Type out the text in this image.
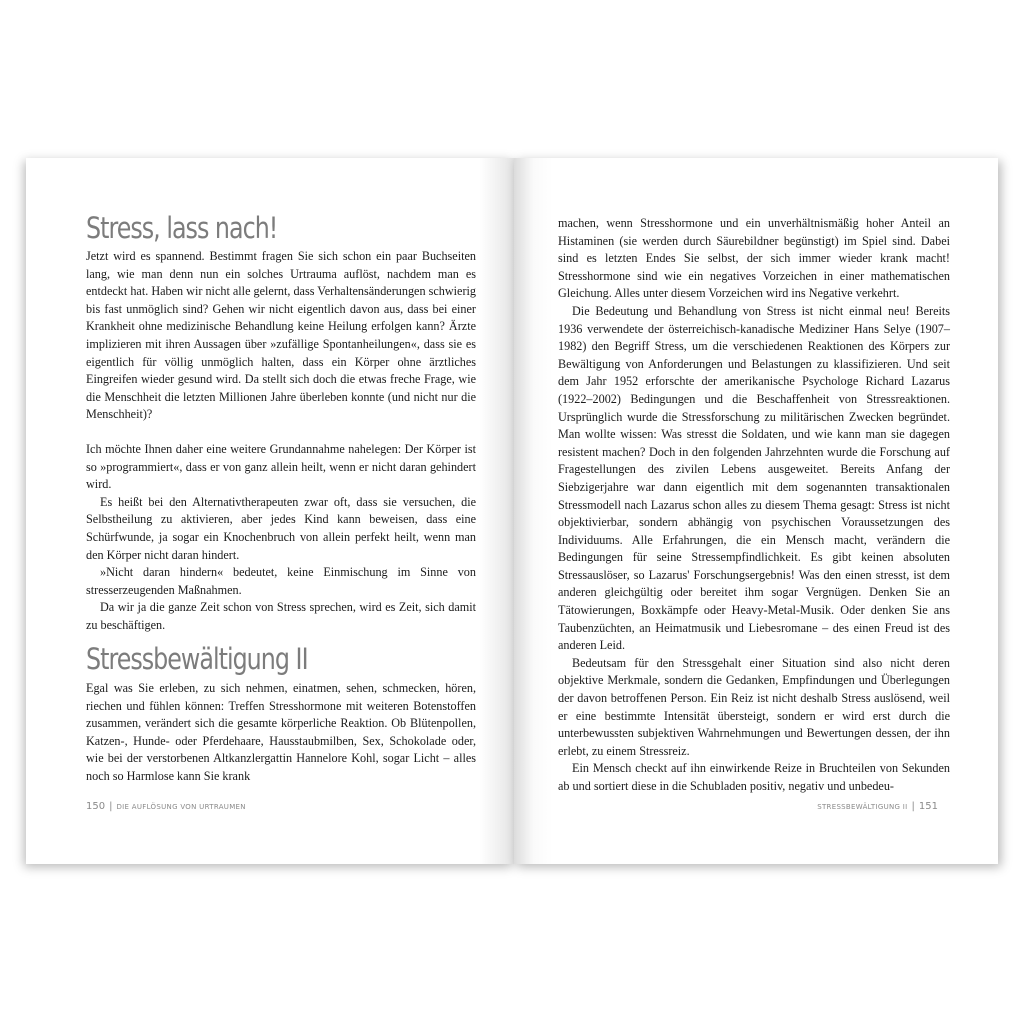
Stress, lass nach!

Jetzt wird es spannend. Bestimmt fragen Sie sich schon ein paar Buchseiten lang, wie man denn nun ein solches Urtrauma auflöst, nachdem man es entdeckt hat. Haben wir nicht alle gelernt, dass Verhaltensänderungen schwierig bis fast unmöglich sind? Gehen wir nicht eigentlich davon aus, dass bei einer Krankheit ohne medizinische Behandlung keine Heilung erfolgen kann? Ärzte implizieren mit ihren Aussagen über »zufällige Spontanheilungen«, dass sie es eigentlich für völlig unmöglich halten, dass ein Körper ohne ärztliches Eingreifen wieder gesund wird. Da stellt sich doch die etwas freche Frage, wie die Menschheit die letzten Millionen Jahre überleben konnte (und nicht nur die Menschheit)?

Ich möchte Ihnen daher eine weitere Grundannahme nahelegen: Der Körper ist so »programmiert«, dass er von ganz allein heilt, wenn er nicht daran gehindert wird.

Es heißt bei den Alternativtherapeuten zwar oft, dass sie versuchen, die Selbstheilung zu aktivieren, aber jedes Kind kann beweisen, dass eine Schürfwunde, ja sogar ein Knochenbruch von allein perfekt heilt, wenn man den Körper nicht daran hindert.

»Nicht daran hindern« bedeutet, keine Einmischung im Sinne von stresserzeugenden Maßnahmen.

Da wir ja die ganze Zeit schon von Stress sprechen, wird es Zeit, sich damit zu beschäftigen.

Stressbewältigung II

Egal was Sie erleben, zu sich nehmen, einatmen, sehen, schmecken, hören, riechen und fühlen können: Treffen Stresshormone mit weiteren Botenstoffen zusammen, verändert sich die gesamte körperliche Reaktion. Ob Blütenpollen, Katzen-, Hunde- oder Pferdehaare, Hausstaubmilben, Sex, Schokolade oder, wie bei der verstorbenen Altkanzlergattin Hannelore Kohl, sogar Licht – alles noch so Harmlose kann Sie krank

150 | DIE AUFLÖSUNG VON URTRAUMEN

machen, wenn Stresshormone und ein unverhältnismäßig hoher Anteil an Histaminen (sie werden durch Säurebildner begünstigt) im Spiel sind. Dabei sind es letzten Endes Sie selbst, der sich immer wieder krank macht! Stresshormone sind wie ein negatives Vorzeichen in einer mathematischen Gleichung. Alles unter diesem Vorzeichen wird ins Negative verkehrt.

Die Bedeutung und Behandlung von Stress ist nicht einmal neu! Bereits 1936 verwendete der österreichisch-kanadische Mediziner Hans Selye (1907–1982) den Begriff Stress, um die verschiedenen Reaktionen des Körpers zur Bewältigung von Anforderungen und Belastungen zu klassifizieren. Und seit dem Jahr 1952 erforschte der amerikanische Psychologe Richard Lazarus (1922–2002) Bedingungen und die Beschaffenheit von Stressreaktionen. Ursprünglich wurde die Stressforschung zu militärischen Zwecken begründet. Man wollte wissen: Was stresst die Soldaten, und wie kann man sie dagegen resistent machen? Doch in den folgenden Jahrzehnten wurde die Forschung auf Fragestellungen des zivilen Lebens ausgeweitet. Bereits Anfang der Siebzigerjahre war dann eigentlich mit dem sogenannten transaktionalen Stressmodell nach Lazarus schon alles zu diesem Thema gesagt: Stress ist nicht objektivierbar, sondern abhängig von psychischen Voraussetzungen des Individuums. Alle Erfahrungen, die ein Mensch macht, verändern die Bedingungen für seine Stressempfindlichkeit. Es gibt keinen absoluten Stressauslöser, so Lazarus' Forschungsergebnis! Was den einen stresst, ist dem anderen gleichgültig oder bereitet ihm sogar Vergnügen. Denken Sie an Tätowierungen, Boxkämpfe oder Heavy-Metal-Musik. Oder denken Sie ans Taubenzüchten, an Heimatmusik und Liebesromane – des einen Freud ist des anderen Leid.

Bedeutsam für den Stressgehalt einer Situation sind also nicht deren objektive Merkmale, sondern die Gedanken, Empfindungen und Überlegungen der davon betroffenen Person. Ein Reiz ist nicht deshalb Stress auslösend, weil er eine bestimmte Intensität übersteigt, sondern er wird erst durch die unterbewussten subjektiven Wahrnehmungen und Bewertungen dessen, der ihn erlebt, zu einem Stressreiz.

Ein Mensch checkt auf ihn einwirkende Reize in Bruchteilen von Sekunden ab und sortiert diese in die Schubladen positiv, negativ und unbedeu-

STRESSBEWÄLTIGUNG II | 151
